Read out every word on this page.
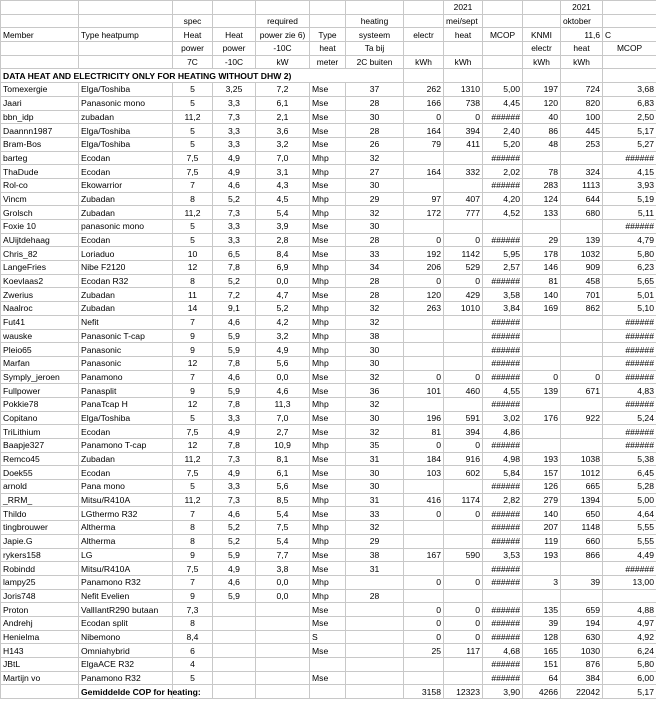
								2021			2021	
		spec		required		heating		mei/sept			oktober	
Member	Type heatpump	Heat	Heat	power zie 6)	Type	systeem	electr	heat	MCOP	KNMI	11,6	C
		power	power	-10C	heat	Ta bij				electr	heat	MCOP
		7C	-10C	kW	meter	2C buiten	kWh	kWh		kWh	kWh	
DATA HEAT AND ELECTRICITY ONLY FOR HEATING WITHOUT DHW 2)												
Tomexergie	Elga/Toshiba	5	3,25	7,2	Mse	37	262	1310	5,00	197	724	3,68
Jaari	Panasonic mono	5	3,3	6,1	Mse	28	166	738	4,45	120	820	6,83
bbn_idp	zubadan	11,2	7,3	2,1	Mse	30	0	0	######	40	100	2,50
Daannn1987	Elga/Toshiba	5	3,3	3,6	Mse	28	164	394	2,40	86	445	5,17
Bram-Bos	Elga/Toshiba	5	3,3	3,2	Mse	26	79	411	5,20	48	253	5,27
barteg	Ecodan	7,5	4,9	7,0	Mhp	32			######			######
ThaDude	Ecodan	7,5	4,9	3,1	Mhp	27	164	332	2,02	78	324	4,15
Rol-co	Ekowarrior	7	4,6	4,3	Mse	30			######	283	1113	3,93
Vincm	Zubadan	8	5,2	4,5	Mhp	29	97	407	4,20	124	644	5,19
Grolsch	Zubadan	11,2	7,3	5,4	Mhp	32	172	777	4,52	133	680	5,11
Foxie 10	panasonic mono	5	3,3	3,9	Mse	30						######
AUijtdehaag	Ecodan	5	3,3	2,8	Mse	28	0	0	######	29	139	4,79
Chris_82	Loriaduo	10	6,5	8,4	Mse	33	192	1142	5,95	178	1032	5,80
LangeFries	Nibe F2120	12	7,8	6,9	Mhp	34	206	529	2,57	146	909	6,23
Koevlaas2	Ecodan R32	8	5,2	0,0	Mhp	28	0	0	######	81	458	5,65
Zwerius	Zubadan	11	7,2	4,7	Mse	28	120	429	3,58	140	701	5,01
Naalroc	Zubadan	14	9,1	5,2	Mhp	32	263	1010	3,84	169	862	5,10
Fut41	Nefit	7	4,6	4,2	Mhp	32			######			######
wauske	Panasonic T-cap	9	5,9	3,2	Mhp	38			######			######
Pleio65	Panasonic	9	5,9	4,9	Mhp	30			######			######
Marfan	Panasonic	12	7,8	5,6	Mhp	30			######			######
Symply_jeroen	Panamono	7	4,6	0,0	Mse	32	0	0	######	0	0	######
Fullpower	Panasplit	9	5,9	4,6	Mse	36	101	460	4,55	139	671	4,83
Pokkie78	PanaTcap H	12	7,8	11,3	Mhp	32			######			######
Copitano	Elga/Toshiba	5	3,3	7,0	Mse	30	196	591	3,02	176	922	5,24
TriLithium	Ecodan	7,5	4,9	2,7	Mse	32	81	394	4,86			######
Baapje327	Panamono T-cap	12	7,8	10,9	Mhp	35	0	0	######			######
Remco45	Zubadan	11,2	7,3	8,1	Mse	31	184	916	4,98	193	1038	5,38
Doek55	Ecodan	7,5	4,9	6,1	Mse	30	103	602	5,84	157	1012	6,45
arnold	Pana mono	5	3,3	5,6	Mse	30			######	126	665	5,28
_RRM_	Mitsu/R410A	11,2	7,3	8,5	Mhp	31	416	1174	2,82	279	1394	5,00
Thildo	LGthermo R32	7	4,6	5,4	Mse	33	0	0	######	140	650	4,64
tingbrouwer	Altherma	8	5,2	7,5	Mhp	32			######	207	1148	5,55
Japie.G	Altherma	8	5,2	5,4	Mhp	29			######	119	660	5,55
rykers158	LG	9	5,9	7,7	Mse	38	167	590	3,53	193	866	4,49
Robindd	Mitsu/R410A	7,5	4,9	3,8	Mse	31			######			######
lampy25	Panamono R32	7	4,6	0,0	Mhp		0	0	######	3	39	13,00
Joris748	Nefit Evelien	9	5,9	0,0	Mhp	28						
Proton	VallIantR290 butaan	7,3			Mse		0	0	######	135	659	4,88
Andrehj	Ecodan split	8			Mse		0	0	######	39	194	4,97
Henielma	Nibemono	8,4			S		0	0	######	128	630	4,92
H143	Omniahybrid	6			Mse		25	117	4,68	165	1030	6,24
JBtL	ElgaACE R32	4							######	151	876	5,80
Martijn vo	Panamono R32	5			Mse				######	64	384	6,00
	Gemiddelde COP for heating:						3158	12323	3,90	4266	22042	5,17
